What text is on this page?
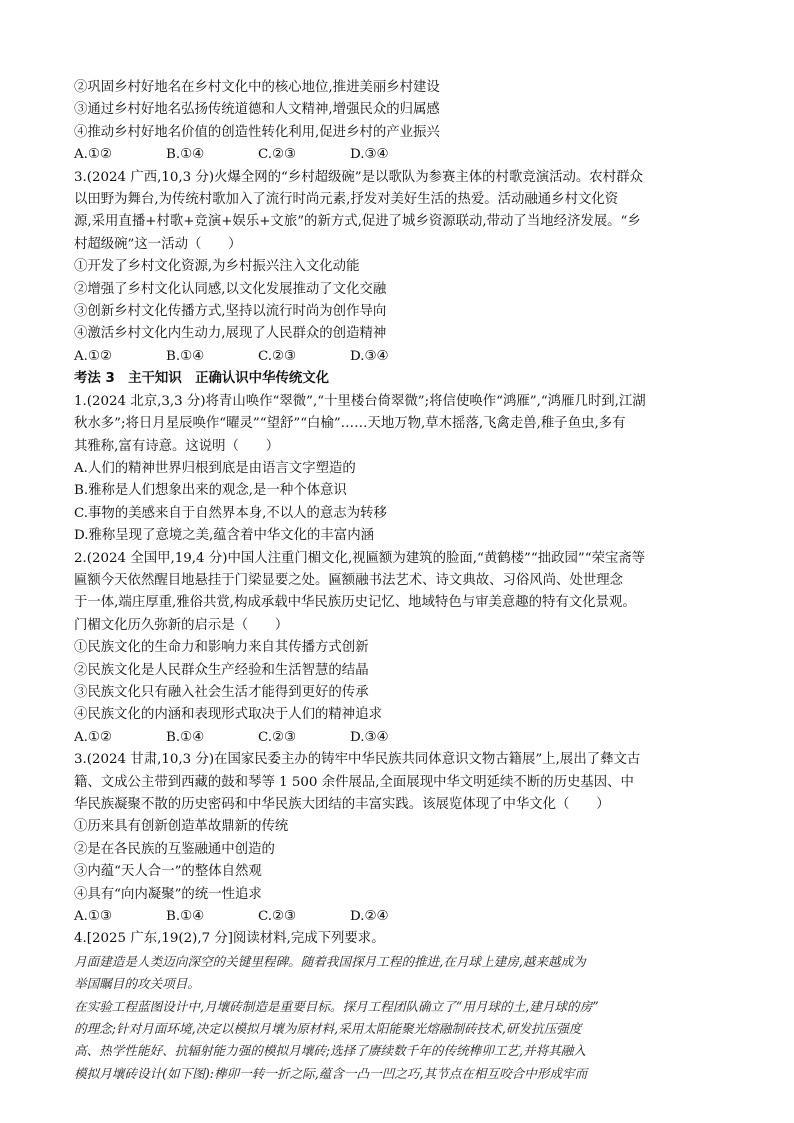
②巩固乡村好地名在乡村文化中的核心地位,推进美丽乡村建设
③通过乡村好地名弘扬传统道德和人文精神,增强民众的归属感
④推动乡村好地名价值的创造性转化利用,促进乡村的产业振兴
A.①②	B.①④	C.②③	D.③④
3.(2024 广西,10,3 分)火爆全网的“乡村超级碗”是以歌队为参赛主体的村歌竞演活动。农村群众
以田野为舞台,为传统村歌加入了流行时尚元素,抒发对美好生活的热爱。活动融通乡村文化资
源,采用直播+村歌+竞演+娱乐+文旅”的新方式,促进了城乡资源联动,带动了当地经济发展。“乡
村超级碗”这一活动（　　）
①开发了乡村文化资源,为乡村振兴注入文化动能
②增强了乡村文化认同感,以文化发展推动了文化交融
③创新乡村文化传播方式,坚持以流行时尚为创作导向
④激活乡村文化内生动力,展现了人民群众的创造精神
A.①②	B.①④	C.②③	D.③④
考法 3　主干知识　正确认识中华传统文化
1.(2024 北京,3,3 分)将青山唤作“翠微”,“十里楼台倚翠微”;将信使唤作“鸿雁”,“鸿雁几时到,江湖
秋水多”;将日月星辰唤作“曜灵”“望舒”“白榆”……天地万物,草木摇落,飞禽走兽,稚子鱼虫,多有
其雅称,富有诗意。这说明（　　）
A.人们的精神世界归根到底是由语言文字塑造的
B.雅称是人们想象出来的观念,是一种个体意识
C.事物的美感来自于自然界本身,不以人的意志为转移
D.雅称呈现了意境之美,蕴含着中华文化的丰富内涵
2.(2024 全国甲,19,4 分)中国人注重门楣文化,视匾额为建筑的脸面,“黄鹤楼”“拙政园”“荣宝斋等
匾额今天依然醒目地悬挂于门梁显要之处。匾额融书法艺术、诗文典故、习俗风尚、处世理念
于一体,端庄厚重,雅俗共赏,构成承载中华民族历史记忆、地域特色与审美意趣的特有文化景观。
门楣文化历久弥新的启示是（　　）
①民族文化的生命力和影响力来自其传播方式创新
②民族文化是人民群众生产经验和生活智慧的结晶
③民族文化只有融入社会生活才能得到更好的传承
④民族文化的内涵和表现形式取决于人们的精神追求
A.①②	B.①④	C.②③	D.③④
3.(2024 甘肃,10,3 分)在国家民委主办的铸牢中华民族共同体意识文物古籍展”上,展出了彝文古
籍、文成公主带到西藏的鼓和琴等 1 500 余件展品,全面展现中华文明延续不断的历史基因、中
华民族凝聚不散的历史密码和中华民族大团结的丰富实践。该展览体现了中华文化（　　）
①历来具有创新创造革故鼎新的传统
②是在各民族的互鉴融通中创造的
③内蕴“天人合一”的整体自然观
④具有“向内凝聚”的统一性追求
A.①③	B.①④	C.②③	D.②④
4.[2025 广东,19(2),7 分]阅读材料,完成下列要求。
月面建造是人类迈向深空的关键里程碑。随着我国探月工程的推进,在月球上建房,越来越成为
举国瞩目的攻关项目。
在实验工程蓝图设计中,月壤砖制造是重要目标。探月工程团队确立了“用月球的土,建月球的房”
的理念;针对月面环境,决定以模拟月壤为原材料,采用太阳能聚光熔融制砖技术,研发抗压强度
高、热学性能好、抗辐射能力强的模拟月壤砖;选择了赓续数千年的传统榫卯工艺,并将其融入
模拟月壤砖设计(如下图):榫卯一转一折之际,蕴含一凸一凹之巧,其节点在相互咬合中形成牢而
